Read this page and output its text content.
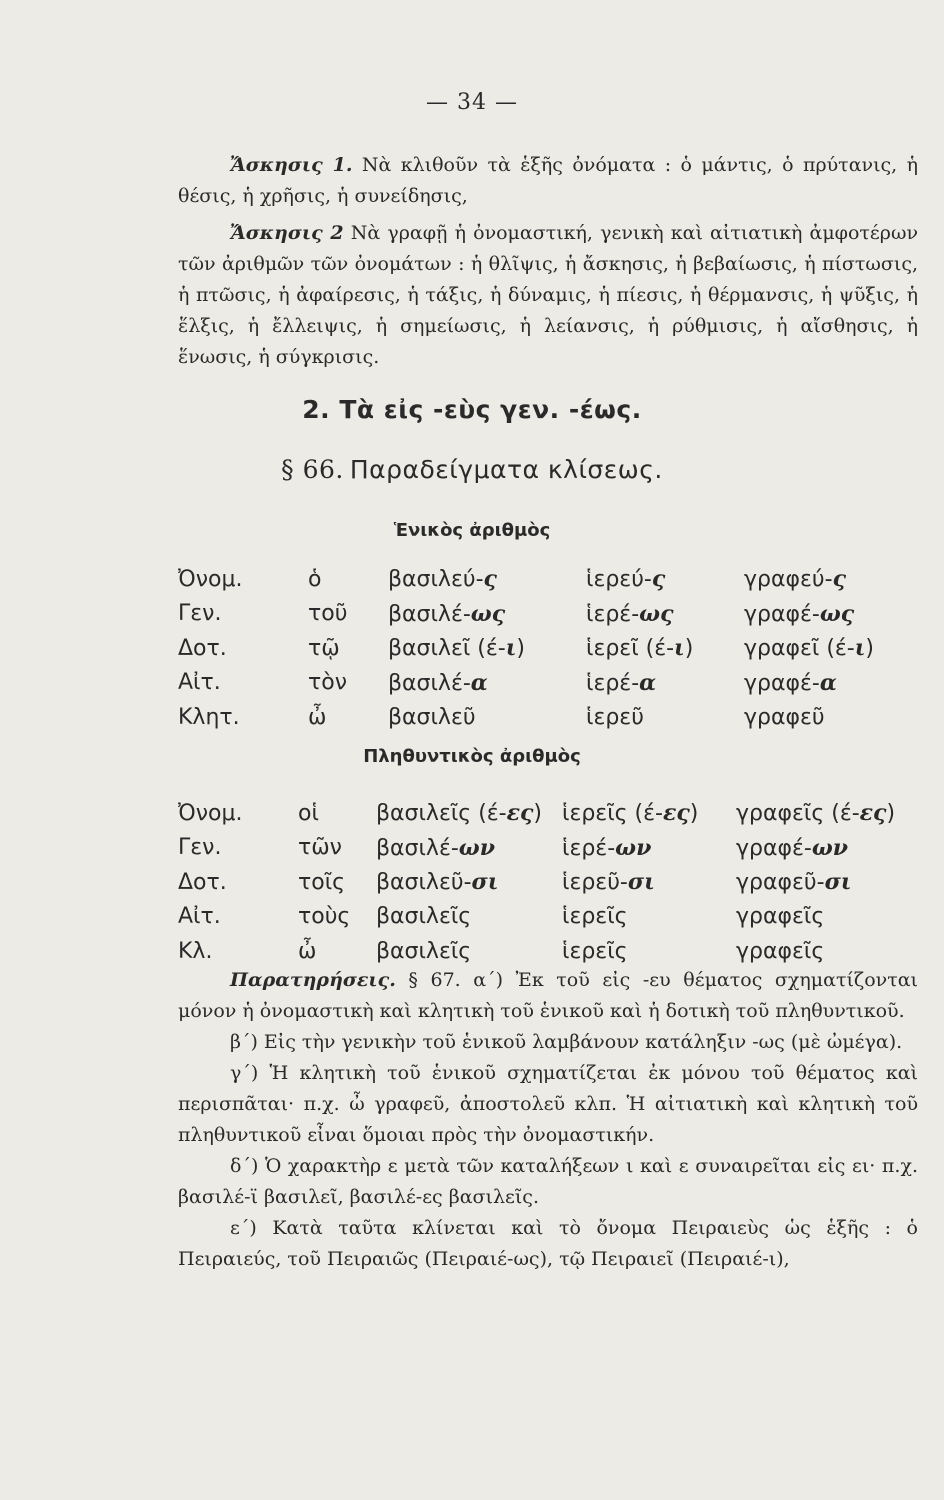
— 34 —
Ἄσκησις 1. Νὰ κλιθοῦν τὰ ἑξῆς ὀνόματα : ὁ μάντις, ὁ πρύτανις, ἡ θέσις, ἡ χρῆσις, ἡ συνείδησις,
Ἄσκησις 2 Νὰ γραφῇ ἡ ὀνομαστική, γενικὴ καὶ αἰτιατικὴ ἀμφοτέρων τῶν ἀριθμῶν τῶν ὀνομάτων : ἡ θλῖψις, ἡ ἄσκησις, ἡ βεβαίωσις, ἡ πίστωσις, ἡ πτῶσις, ἡ ἀφαίρεσις, ἡ τάξις, ἡ δύναμις, ἡ πίεσις, ἡ θέρμανσις, ἡ ψῦξις, ἡ ἕλξις, ἡ ἔλλειψις, ἡ σημείωσις, ἡ λείανσις, ἡ ρύθμισις, ἡ αἴσθησις, ἡ ἕνωσις, ἡ σύγκρισις.
2. Τὰ εἰς -εὺς γεν. -έως.
§ 66. Παραδείγματα κλίσεως.
Ἑνικὸς ἀριθμὸς
Ὀνομ.	ὁ	βασιλεύ-ς	ἱερεύ-ς	γραφεύ-ς
Γεν.	τοῦ	βασιλέ-ως	ἱερέ-ως	γραφέ-ως
Δοτ.	τῷ	βασιλεῖ (έ-ι)	ἱερεῖ (έ-ι)	γραφεῖ (έ-ι)
Αἰτ.	τὸν	βασιλέ-α	ἱερέ-α	γραφέ-α
Κλητ.	ὦ	βασιλεῦ	ἱερεῦ	γραφεῦ
Πληθυντικὸς ἀριθμὸς
Ὀνομ.	οἱ	βασιλεῖς (έ-ες)	ἱερεῖς (έ-ες)	γραφεῖς (έ-ες)
Γεν.	τῶν	βασιλέ-ων	ἱερέ-ων	γραφέ-ων
Δοτ.	τοῖς	βασιλεῦ-σι	ἱερεῦ-σι	γραφεῦ-σι
Αἰτ.	τοὺς	βασιλεῖς	ἱερεῖς	γραφεῖς
Κλ.	ὦ	βασιλεῖς	ἱερεῖς	γραφεῖς
Παρατηρήσεις. § 67. α΄) Ἐκ τοῦ εἰς -ευ θέματος σχηματίζονται μόνον ἡ ὀνομαστικὴ καὶ κλητικὴ τοῦ ἑνικοῦ καὶ ἡ δοτικὴ τοῦ πληθυντικοῦ.
β΄) Εἰς τὴν γενικὴν τοῦ ἑνικοῦ λαμβάνουν κατάληξιν -ως (μὲ ὠμέγα).
γ΄) Ἡ κλητικὴ τοῦ ἑνικοῦ σχηματίζεται ἐκ μόνου τοῦ θέματος καὶ περισπᾶται· π.χ. ὦ γραφεῦ, ἀποστολεῦ κλπ. Ἡ αἰτιατικὴ καὶ κλητικὴ τοῦ πληθυντικοῦ εἶναι ὅμοιαι πρὸς τὴν ὀνομαστικήν.
δ΄) Ὁ χαρακτὴρ ε μετὰ τῶν καταλήξεων ι καὶ ε συναιρεῖται εἰς ει· π.χ. βασιλέ-ϊ βασιλεῖ, βασιλέ-ες βασιλεῖς.
ε΄) Κατὰ ταῦτα κλίνεται καὶ τὸ ὄνομα Πειραιεὺς ὡς ἑξῆς : ὁ Πειραιεύς, τοῦ Πειραιῶς (Πειραιέ-ως), τῷ Πειραιεῖ (Πειραιέ-ι),
